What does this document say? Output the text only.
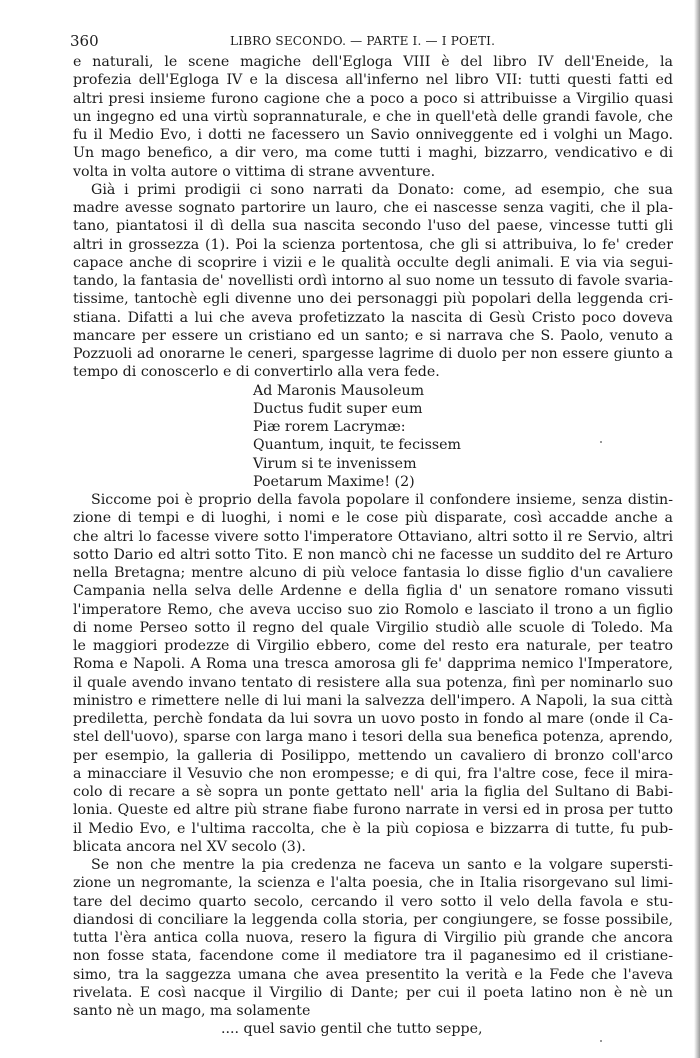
360	LIBRO SECONDO. — PARTE I. — I POETI.
e naturali, le scene magiche dell'Egloga VIII è del libro IV dell'Eneide, la
profezia dell'Egloga IV e la discesa all'inferno nel libro VII: tutti questi fatti ed
altri presi insieme furono cagione che a poco a poco si attribuisse a Virgilio quasi
un ingegno ed una virtù soprannaturale, e che in quell'età delle grandi favole, che
fu il Medio Evo, i dotti ne facessero un Savio onniveggente ed i volghi un Mago.
Un mago benefico, a dir vero, ma come tutti i maghi, bizzarro, vendicativo e di
volta in volta autore o vittima di strane avventure.
Già i primi prodigii ci sono narrati da Donato: come, ad esempio, che sua
madre avesse sognato partorire un lauro, che ei nascesse senza vagiti, che il pla-
tano, piantatosi il dì della sua nascita secondo l'uso del paese, vincesse tutti gli
altri in grossezza (1). Poi la scienza portentosa, che gli si attribuiva, lo fe' creder
capace anche di scoprire i vizii e le qualità occulte degli animali. E via via segui-
tando, la fantasia de' novellisti ordì intorno al suo nome un tessuto di favole svaria-
tissime, tantochè egli divenne uno dei personaggi più popolari della leggenda cri-
stiana. Difatti a lui che aveva profetizzato la nascita di Gesù Cristo poco doveva
mancare per essere un cristiano ed un santo; e si narrava che S. Paolo, venuto a
Pozzuoli ad onorarne le ceneri, spargesse lagrime di duolo per non essere giunto a
tempo di conoscerlo e di convertirlo alla vera fede.
Ad Maronis Mausoleum
Ductus fudit super eum
Piæ rorem Lacrymæ:
Quantum, inquit, te fecissem
Virum si te invenissem
Poetarum Maxime! (2)
Siccome poi è proprio della favola popolare il confondere insieme, senza distin-
zione di tempi e di luoghi, i nomi e le cose più disparate, così accadde anche a
che altri lo facesse vivere sotto l'imperatore Ottaviano, altri sotto il re Servio, altri
sotto Dario ed altri sotto Tito. E non mancò chi ne facesse un suddito del re Arturo
nella Bretagna; mentre alcuno di più veloce fantasia lo disse figlio d'un cavaliere
Campania nella selva delle Ardenne e della figlia d' un senatore romano vissuti
l'imperatore Remo, che aveva ucciso suo zio Romolo e lasciato il trono a un figlio
di nome Perseo sotto il regno del quale Virgilio studiò alle scuole di Toledo. Ma
le maggiori prodezze di Virgilio ebbero, come del resto era naturale, per teatro
Roma e Napoli. A Roma una tresca amorosa gli fe' dapprima nemico l'Imperatore,
il quale avendo invano tentato di resistere alla sua potenza, finì per nominarlo suo
ministro e rimettere nelle di lui mani la salvezza dell'impero. A Napoli, la sua città
prediletta, perchè fondata da lui sovra un uovo posto in fondo al mare (onde il Ca-
stel dell'uovo), sparse con larga mano i tesori della sua benefica potenza, aprendo,
per esempio, la galleria di Posilippo, mettendo un cavaliero di bronzo coll'arco
a minacciare il Vesuvio che non erompesse; e di qui, fra l'altre cose, fece il mira-
colo di recare a sè sopra un ponte gettato nell' aria la figlia del Sultano di Babi-
lonia. Queste ed altre più strane fiabe furono narrate in versi ed in prosa per tutto
il Medio Evo, e l'ultima raccolta, che è la più copiosa e bizzarra di tutte, fu pub-
blicata ancora nel XV secolo (3).
Se non che mentre la pia credenza ne faceva un santo e la volgare supersti-
zione un negromante, la scienza e l'alta poesia, che in Italia risorgevano sul limi-
tare del decimo quarto secolo, cercando il vero sotto il velo della favola e stu-
diandosi di conciliare la leggenda colla storia, per congiungere, se fosse possibile,
tutta l'èra antica colla nuova, resero la figura di Virgilio più grande che ancora
non fosse stata, facendone come il mediatore tra il paganesimo ed il cristiane-
simo, tra la saggezza umana che avea presentito la verità e la Fede che l'aveva
rivelata. E così nacque il Virgilio di Dante; per cui il poeta latino non è nè un
santo nè un mago, ma solamente
.... quel savio gentil che tutto seppe,
